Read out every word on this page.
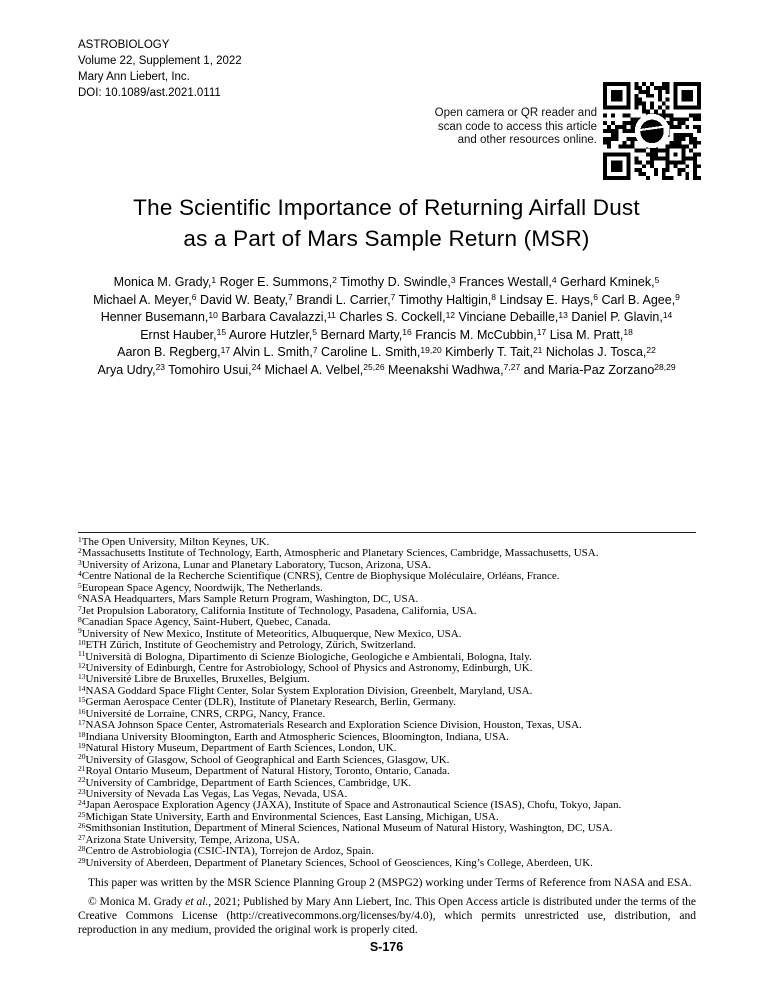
ASTROBIOLOGY
Volume 22, Supplement 1, 2022
Mary Ann Liebert, Inc.
DOI: 10.1089/ast.2021.0111
Open camera or QR reader and
scan code to access this article
and other resources online.
The Scientific Importance of Returning Airfall Dust
as a Part of Mars Sample Return (MSR)
Monica M. Grady,$^1$ Roger E. Summons,$^2$ Timothy D. Swindle,$^3$ Frances Westall,$^4$ Gerhard Kminek,$^5$
Michael A. Meyer,$^6$ David W. Beaty,$^7$ Brandi L. Carrier,$^7$ Timothy Haltigin,$^8$ Lindsay E. Hays,$^6$ Carl B. Agee,$^9$
Henner Busemann,$^{10}$ Barbara Cavalazzi,$^{11}$ Charles S. Cockell,$^{12}$ Vinciane Debaille,$^{13}$ Daniel P. Glavin,$^{14}$
Ernst Hauber,$^{15}$ Aurore Hutzler,$^5$ Bernard Marty,$^{16}$ Francis M. McCubbin,$^{17}$ Lisa M. Pratt,$^{18}$
Aaron B. Regberg,$^{17}$ Alvin L. Smith,$^7$ Caroline L. Smith,$^{19,20}$ Kimberly T. Tait,$^{21}$ Nicholas J. Tosca,$^{22}$
Arya Udry,$^{23}$ Tomohiro Usui,$^{24}$ Michael A. Velbel,$^{25,26}$ Meenakshi Wadhwa,$^{7,27}$ and Maria-Paz Zorzano$^{28,29}$
$^1$The Open University, Milton Keynes, UK.
$^2$Massachusetts Institute of Technology, Earth, Atmospheric and Planetary Sciences, Cambridge, Massachusetts, USA.
$^3$University of Arizona, Lunar and Planetary Laboratory, Tucson, Arizona, USA.
$^4$Centre National de la Recherche Scientifique (CNRS), Centre de Biophysique Moléculaire, Orléans, France.
$^5$European Space Agency, Noordwijk, The Netherlands.
$^6$NASA Headquarters, Mars Sample Return Program, Washington, DC, USA.
$^7$Jet Propulsion Laboratory, California Institute of Technology, Pasadena, California, USA.
$^8$Canadian Space Agency, Saint-Hubert, Quebec, Canada.
$^9$University of New Mexico, Institute of Meteoritics, Albuquerque, New Mexico, USA.
$^{10}$ETH Zürich, Institute of Geochemistry and Petrology, Zürich, Switzerland.
$^{11}$Università di Bologna, Dipartimento di Scienze Biologiche, Geologiche e Ambientali, Bologna, Italy.
$^{12}$University of Edinburgh, Centre for Astrobiology, School of Physics and Astronomy, Edinburgh, UK.
$^{13}$Université Libre de Bruxelles, Bruxelles, Belgium.
$^{14}$NASA Goddard Space Flight Center, Solar System Exploration Division, Greenbelt, Maryland, USA.
$^{15}$German Aerospace Center (DLR), Institute of Planetary Research, Berlin, Germany.
$^{16}$Université de Lorraine, CNRS, CRPG, Nancy, France.
$^{17}$NASA Johnson Space Center, Astromaterials Research and Exploration Science Division, Houston, Texas, USA.
$^{18}$Indiana University Bloomington, Earth and Atmospheric Sciences, Bloomington, Indiana, USA.
$^{19}$Natural History Museum, Department of Earth Sciences, London, UK.
$^{20}$University of Glasgow, School of Geographical and Earth Sciences, Glasgow, UK.
$^{21}$Royal Ontario Museum, Department of Natural History, Toronto, Ontario, Canada.
$^{22}$University of Cambridge, Department of Earth Sciences, Cambridge, UK.
$^{23}$University of Nevada Las Vegas, Las Vegas, Nevada, USA.
$^{24}$Japan Aerospace Exploration Agency (JAXA), Institute of Space and Astronautical Science (ISAS), Chofu, Tokyo, Japan.
$^{25}$Michigan State University, Earth and Environmental Sciences, East Lansing, Michigan, USA.
$^{26}$Smithsonian Institution, Department of Mineral Sciences, National Museum of Natural History, Washington, DC, USA.
$^{27}$Arizona State University, Tempe, Arizona, USA.
$^{28}$Centro de Astrobiologia (CSIC-INTA), Torrejon de Ardoz, Spain.
$^{29}$University of Aberdeen, Department of Planetary Sciences, School of Geosciences, King’s College, Aberdeen, UK.

This paper was written by the MSR Science Planning Group 2 (MSPG2) working under Terms of Reference from NASA and ESA.

© Monica M. Grady et al., 2021; Published by Mary Ann Liebert, Inc. This Open Access article is distributed under the terms of the Creative Commons License (http://creativecommons.org/licenses/by/4.0), which permits unrestricted use, distribution, and reproduction in any medium, provided the original work is properly cited.

S-176
